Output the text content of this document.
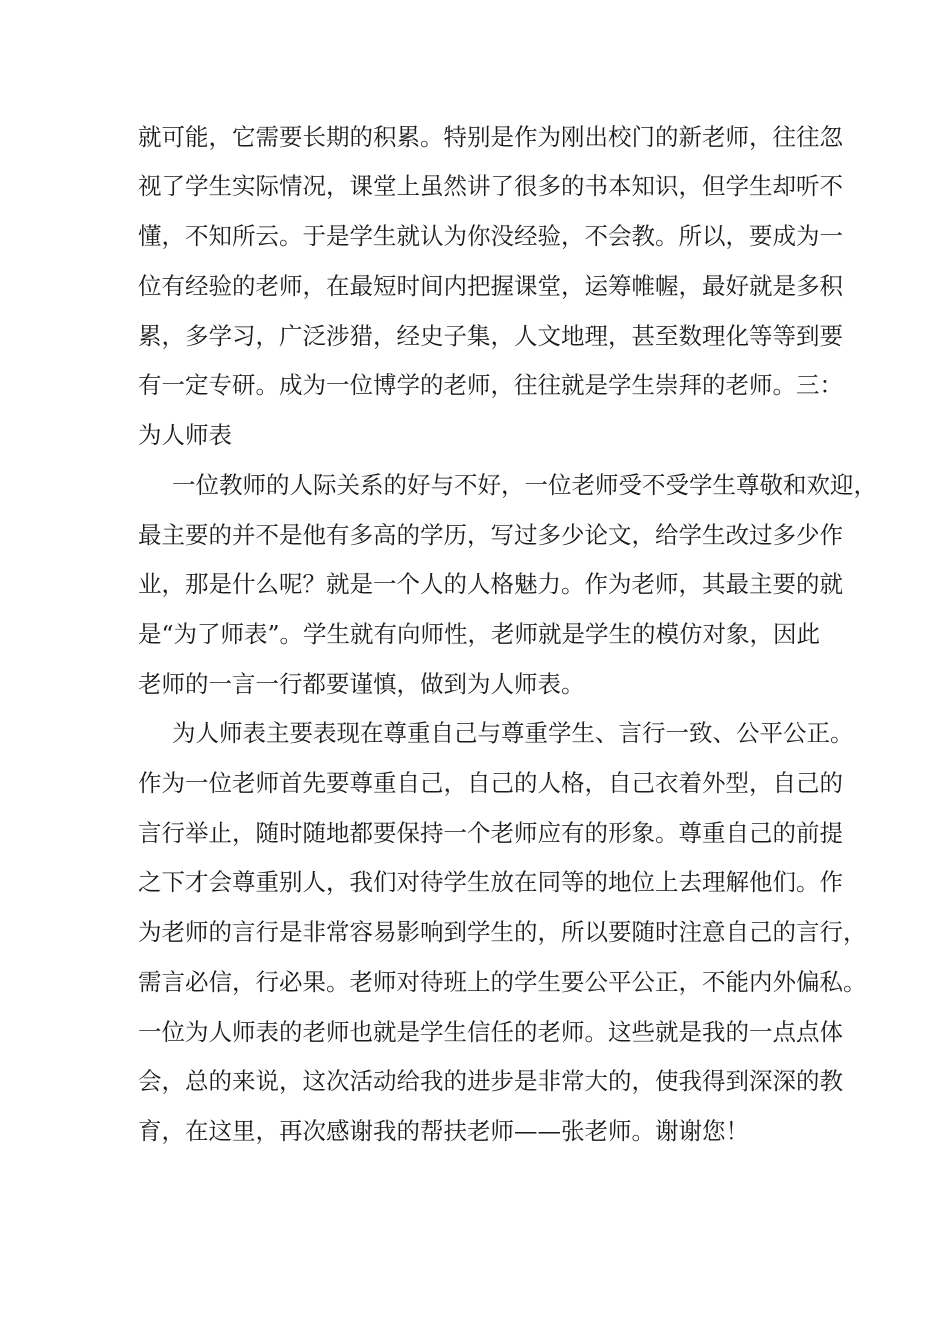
就可能，它需要长期的积累。特别是作为刚出校门的新老师，往往忽

视了学生实际情况，课堂上虽然讲了很多的书本知识，但学生却听不

懂，不知所云。于是学生就认为你没经验，不会教。所以，要成为一

位有经验的老师，在最短时间内把握课堂，运筹帷幄，最好就是多积

累，多学习，广泛涉猎，经史子集，人文地理，甚至数理化等等到要

有一定专研。成为一位博学的老师，往往就是学生崇拜的老师。三：

为人师表

一位教师的人际关系的好与不好，一位老师受不受学生尊敬和欢迎，

最主要的并不是他有多高的学历，写过多少论文，给学生改过多少作

业，那是什么呢？就是一个人的人格魅力。作为老师，其最主要的就

是“为了师表”。学生就有向师性，老师就是学生的模仿对象，因此

老师的一言一行都要谨慎，做到为人师表。

为人师表主要表现在尊重自己与尊重学生、言行一致、公平公正。

作为一位老师首先要尊重自己，自己的人格，自己衣着外型，自己的

言行举止，随时随地都要保持一个老师应有的形象。尊重自己的前提

之下才会尊重别人，我们对待学生放在同等的地位上去理解他们。作

为老师的言行是非常容易影响到学生的，所以要随时注意自己的言行，

需言必信，行必果。老师对待班上的学生要公平公正，不能内外偏私。

一位为人师表的老师也就是学生信任的老师。这些就是我的一点点体

会，总的来说，这次活动给我的进步是非常大的，使我得到深深的教

育，在这里，再次感谢我的帮扶老师——张老师。谢谢您！
